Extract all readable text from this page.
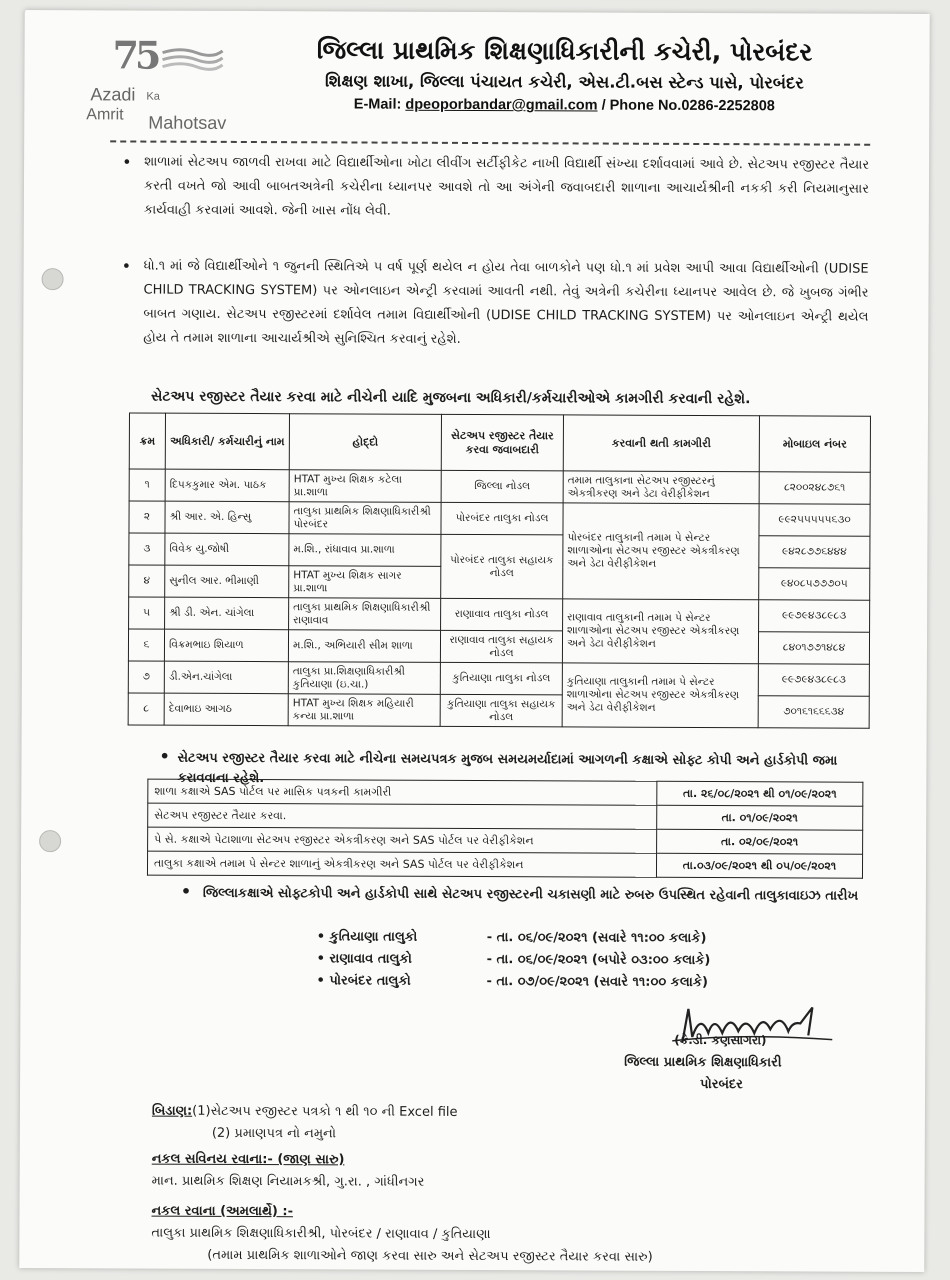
75
Azadi Ka
Amrit Mahotsav
જિલ્લા પ્રાથમિક શિક્ષણાધિકારીની કચેરી, પોરબંદર
શિક્ષણ શાખા, જિલ્લા પંચાયત કચેરી, એસ.ટી.બસ સ્ટેન્ડ પાસે, પોરબંદર
E-Mail: dpeoporbandar@gmail.com / Phone No.0286-2252808
• શાળામાં સેટઅપ જાળવી રાખવા માટે વિદ્યાર્થીઓના ખોટા લીવીંગ સર્ટીફીકેટ નાખી વિદ્યાર્થી સંખ્યા દર્શાવવામાં આવે છે. સેટઅપ રજીસ્ટર તૈયાર કરતી વખતે જો આવી બાબતઅત્રેની કચેરીના ધ્યાનપર આવશે તો આ અંગેની જવાબદારી શાળાના આચાર્યશ્રીની નકકી કરી નિયમાનુસાર કાર્યવાહી કરવામાં આવશે. જેની ખાસ નોંધ લેવી.
• ધો.૧ માં જે વિદ્યાર્થીઓને ૧ જુનની સ્થિતિએ ૫ વર્ષ પૂર્ણ થયેલ ન હોય તેવા બાળકોને પણ ધો.૧ માં પ્રવેશ આપી આવા વિદ્યાર્થીઓની (UDISE CHILD TRACKING SYSTEM) પર ઓનલાઇન એન્ટ્રી કરવામાં આવતી નથી. તેવું અત્રેની કચેરીના ધ્યાનપર આવેલ છે. જે ખુબજ ગંભીર બાબત ગણાય. સેટઅપ રજીસ્ટરમાં દર્શાવેલ તમામ વિદ્યાર્થીઓની (UDISE CHILD TRACKING SYSTEM) પર ઓનલાઇન એન્ટ્રી થયેલ હોય તે તમામ શાળાના આચાર્યશ્રીએ સુનિશ્ચિત કરવાનું રહેશે.
સેટઅપ રજીસ્ટર તૈયાર કરવા માટે નીચેની યાદિ મુજબના અધિકારી/કર્મચારીઓએ કામગીરી કરવાની રહેશે.
ક્રમ	અધિકારી/ કર્મચારીનું નામ	હોદ્દો	સેટઅપ રજીસ્ટર તૈયાર કરવા જવાબદારી	કરવાની થતી કામગીરી	મોબાઇલ નંબર
૧	દિપકકુમાર એમ. પાઠક	HTAT મુખ્ય શિક્ષક કટેલા પ્રા.શાળા	જિલ્લા નોડલ	તમામ તાલુકાના સેટઅપ રજીસ્ટરનું એકત્રીકરણ અને ડેટા વેરીફીકેશન	૮૨૦૦૨૪૮૭૬૧
૨	શ્રી આર. એ. હિન્સુ	તાલુકા પ્રાથમિક શિક્ષણાધિકારીશ્રી પોરબંદર	પોરબંદર તાલુકા નોડલ	પોરબંદર તાલુકાની તમામ પે સેન્ટર શાળાઓના સેટઅપ રજીસ્ટર એકત્રીકરણ અને ડેટા વેરીફીકેશન	૯૯૨૫૫૫૫૫૬૩૦
૩	વિવેક યુ.જોષી	મ.શિ., રાંધાવાવ પ્રા.શાળા	પોરબંદર તાલુકા સહાયક નોડલ		૯૪૨૮૭૭૬૪૪૪
૪	સુનીલ આર. ભીમાણી	HTAT મુખ્ય શિક્ષક સાગર પ્રા.શાળા			૯૪૦૮૫૭૭૭૦૫
૫	શ્રી ડી. એન. ચાંગેલા	તાલુકા પ્રાથમિક શિક્ષણાધિકારીશ્રી રાણાવાવ	રાણાવાવ તાલુકા નોડલ	રાણાવાવ તાલુકાની તમામ પે સેન્ટર શાળાઓના સેટઅપ રજીસ્ટર એકત્રીકરણ અને ડેટા વેરીફીકેશન	૯૯૭૯૪૩૮૯૮૩
૬	વિક્રમભાઇ શિયાળ	મ.શિ., અભિયારી સીમ શાળા	રાણાવાવ તાલુકા સહાયક નોડલ		૮૪૦૧૭૭૧૪૮૪
૭	ડી.એન.ચાંગેલા	તાલુકા પ્રા.શિક્ષણાધિકારીશ્રી કુતિયાણા (ઇ.ચા.)	કુતિયાણા તાલુકા નોડલ	કુતિયાણા તાલુકાની તમામ પે સેન્ટર શાળાઓના સેટઅપ રજીસ્ટર એકત્રીકરણ અને ડેટા વેરીફીકેશન	૯૯૭૯૪૩૮૯૮૩
૮	દેવાભાઇ આગઠ	HTAT મુખ્ય શિક્ષક મહિયારી કન્યા પ્રા.શાળા	કુતિયાણા તાલુકા સહાયક નોડલ		૭૦૧૬૧૬૬૬૩૪
• સેટઅપ રજીસ્ટર તૈયાર કરવા માટે નીચેના સમયપત્રક મુજબ સમયમર્યાદામાં આગળની કક્ષાએ સોફ્ટ કોપી અને હાર્ડકોપી જમા કરાવવાના રહેશે.
શાળા કક્ષાએ SAS પોર્ટલ પર માસિક પત્રકની કામગીરી	તા. ૨૬/૦૮/૨૦૨૧ થી ૦૧/૦૯/૨૦૨૧
સેટઅપ રજીસ્ટર તૈયાર કરવા.	તા. ૦૧/૦૯/૨૦૨૧
પે સે. કક્ષાએ પેટાશાળા સેટઅપ રજીસ્ટર એકત્રીકરણ અને SAS પોર્ટલ પર વેરીફીકેશન	તા. ૦૨/૦૯/૨૦૨૧
તાલુકા કક્ષાએ તમામ પે સેન્ટર શાળાનું એકત્રીકરણ અને SAS પોર્ટલ પર વેરીફીકેશન	તા.૦૩/૦૯/૨૦૨૧ થી ૦૫/૦૯/૨૦૨૧
• જિલ્લાકક્ષાએ સોફ્ટકોપી અને હાર્ડકોપી સાથે સેટઅપ રજીસ્ટરની ચકાસણી માટે રુબરુ ઉપસ્થિત રહેવાની તાલુકાવાઇઝ તારીખ
• કુતિયાણા તાલુકો	- તા. ૦૬/૦૯/૨૦૨૧ (સવારે ૧૧:૦૦ કલાકે)
• રાણાવાવ તાલુકો	- તા. ૦૬/૦૯/૨૦૨૧ (બપોરે ૦૩:૦૦ કલાકે)
• પોરબંદર તાલુકો	- તા. ૦૭/૦૯/૨૦૨૧ (સવારે ૧૧:૦૦ કલાકે)
(કે.ડી. કણસાગરા)
જિલ્લા પ્રાથમિક શિક્ષણાધિકારી
પોરબંદર
બિડાણ:(1)સેટઅપ રજીસ્ટર પત્રકો ૧ થી ૧૦ ની Excel file
(2) પ્રમાણપત્ર નો નમુનો
નકલ સવિનય રવાના:- (જાણ સારુ)
માન. પ્રાથમિક શિક્ષણ નિયામકશ્રી, ગુ.રા. , ગાંધીનગર
નકલ રવાના (અમલાર્થે) :-
તાલુકા પ્રાથમિક શિક્ષણાધિકારીશ્રી, પોરબંદર / રાણાવાવ / કુતિયાણા
(તમામ પ્રાથમિક શાળાઓને જાણ કરવા સારુ અને સેટઅપ રજીસ્ટર તૈયાર કરવા સારુ)
